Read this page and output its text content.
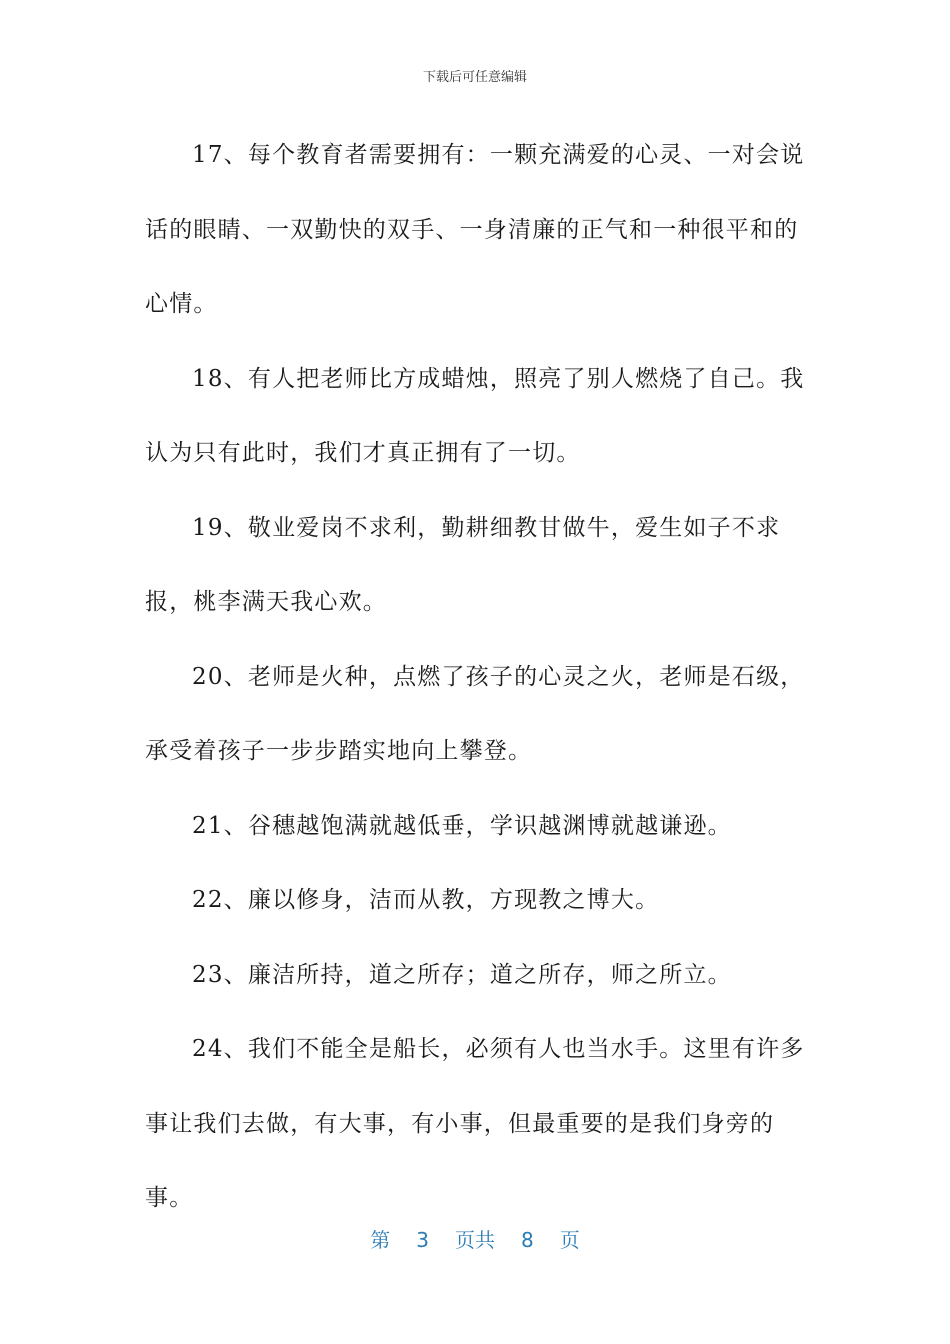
下载后可任意编辑

17、每个教育者需要拥有：一颗充满爱的心灵、一对会说话的眼睛、一双勤快的双手、一身清廉的正气和一种很平和的心情。

18、有人把老师比方成蜡烛，照亮了别人燃烧了自己。我认为只有此时，我们才真正拥有了一切。

19、敬业爱岗不求利，勤耕细教甘做牛，爱生如子不求报，桃李满天我心欢。

20、老师是火种，点燃了孩子的心灵之火，老师是石级，承受着孩子一步步踏实地向上攀登。

21、谷穗越饱满就越低垂，学识越渊博就越谦逊。

22、廉以修身，洁而从教，方现教之博大。

23、廉洁所持，道之所存；道之所存，师之所立。

24、我们不能全是船长，必须有人也当水手。这里有许多事让我们去做，有大事，有小事，但最重要的是我们身旁的事。

第 3 页共 8 页
